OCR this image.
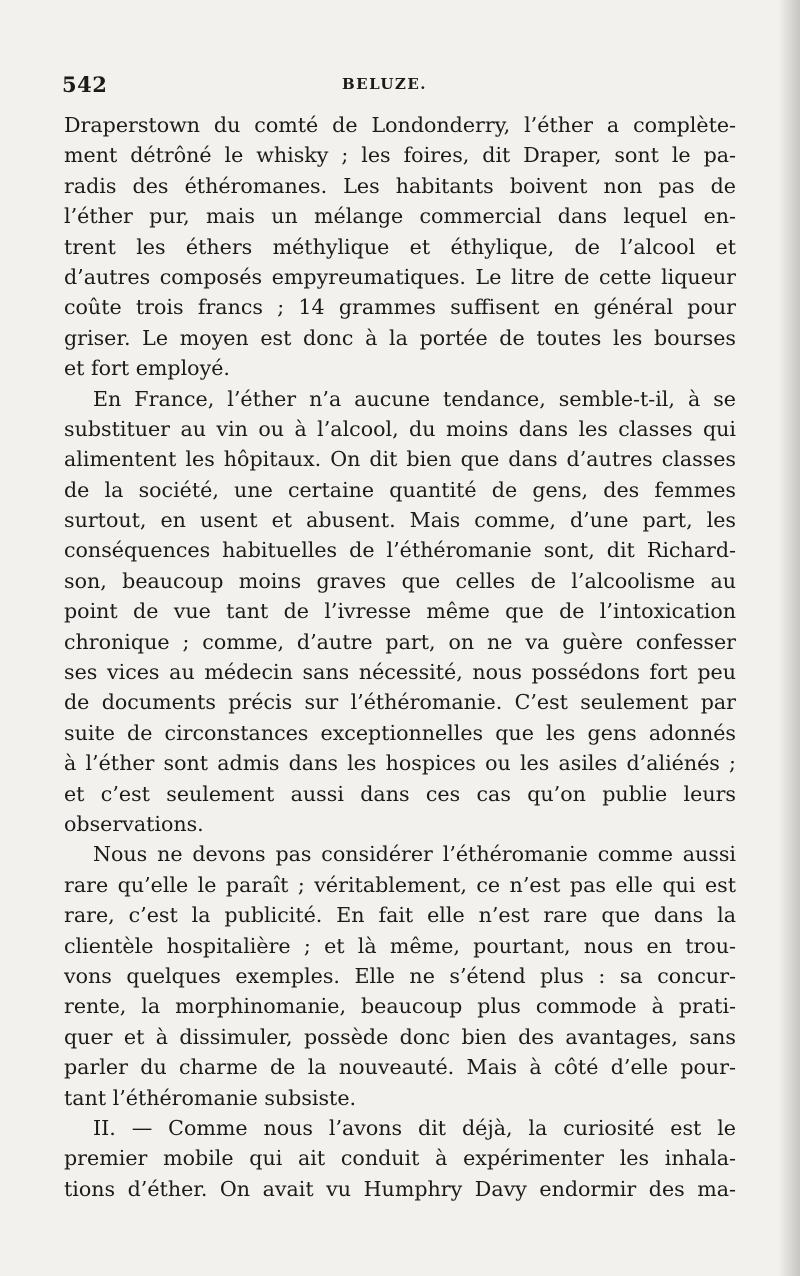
542	BELUZE.
Draperstown du comté de Londonderry, l’éther a complète-
ment détrôné le whisky ; les foires, dit Draper, sont le pa-
radis des éthéromanes. Les habitants boivent non pas de
l’éther pur, mais un mélange commercial dans lequel en-
trent les éthers méthylique et éthylique, de l’alcool et
d’autres composés empyreumatiques. Le litre de cette liqueur
coûte trois francs ; 14 grammes suffisent en général pour
griser. Le moyen est donc à la portée de toutes les bourses
et fort employé.
En France, l’éther n’a aucune tendance, semble-t-il, à se
substituer au vin ou à l’alcool, du moins dans les classes qui
alimentent les hôpitaux. On dit bien que dans d’autres classes
de la société, une certaine quantité de gens, des femmes
surtout, en usent et abusent. Mais comme, d’une part, les
conséquences habituelles de l’éthéromanie sont, dit Richard-
son, beaucoup moins graves que celles de l’alcoolisme au
point de vue tant de l’ivresse même que de l’intoxication
chronique ; comme, d’autre part, on ne va guère confesser
ses vices au médecin sans nécessité, nous possédons fort peu
de documents précis sur l’éthéromanie. C’est seulement par
suite de circonstances exceptionnelles que les gens adonnés
à l’éther sont admis dans les hospices ou les asiles d’aliénés ;
et c’est seulement aussi dans ces cas qu’on publie leurs
observations.
Nous ne devons pas considérer l’éthéromanie comme aussi
rare qu’elle le paraît ; véritablement, ce n’est pas elle qui est
rare, c’est la publicité. En fait elle n’est rare que dans la
clientèle hospitalière ; et là même, pourtant, nous en trou-
vons quelques exemples. Elle ne s’étend plus : sa concur-
rente, la morphinomanie, beaucoup plus commode à prati-
quer et à dissimuler, possède donc bien des avantages, sans
parler du charme de la nouveauté. Mais à côté d’elle pour-
tant l’éthéromanie subsiste.
II. — Comme nous l’avons dit déjà, la curiosité est le
premier mobile qui ait conduit à expérimenter les inhala-
tions d’éther. On avait vu Humphry Davy endormir des ma-
